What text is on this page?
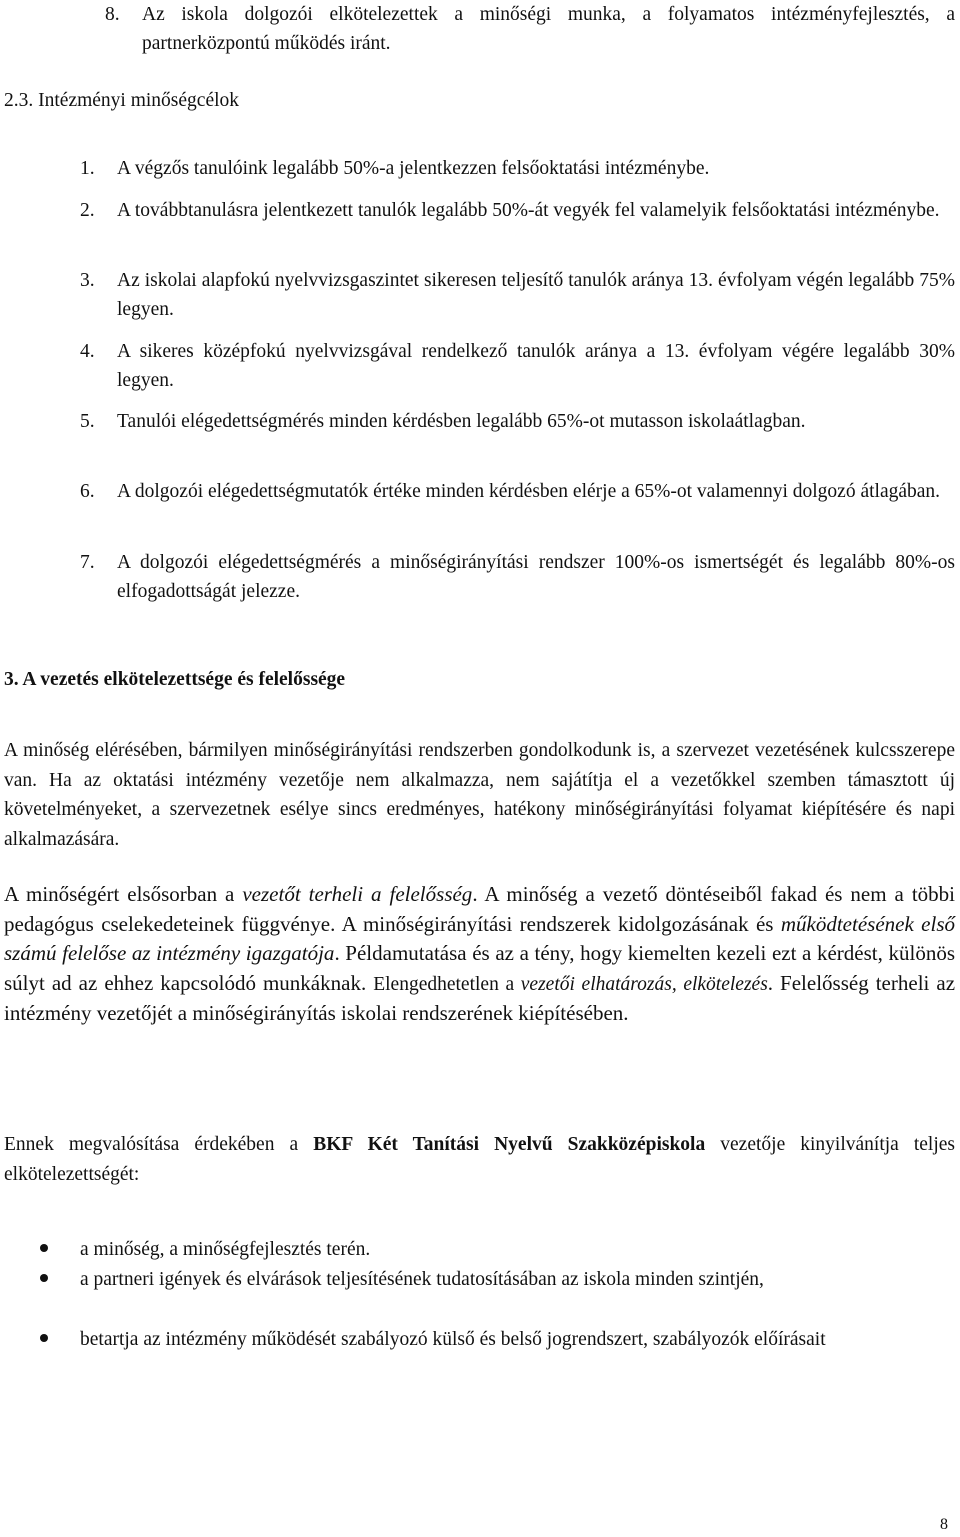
8. Az iskola dolgozói elkötelezettek a minőségi munka, a folyamatos intézményfejlesztés, a partnerközpontú működés iránt.

2.3. Intézményi minőségcélok
1. A végzős tanulóink legalább 50%-a jelentkezzen felsőoktatási intézménybe.

2. A továbbtanulásra jelentkezett tanulók legalább 50%-át vegyék fel valamelyik felsőoktatási intézménybe.

3. Az iskolai alapfokú nyelvvizsgaszintet sikeresen teljesítő tanulók aránya 13. évfolyam végén legalább 75% legyen.

4. A sikeres középfokú nyelvvizsgával rendelkező tanulók aránya a 13. évfolyam végére legalább 30% legyen.

5. Tanulói elégedettségmérés minden kérdésben legalább 65%-ot mutasson iskolaátlagban.

6. A dolgozói elégedettségmutatók értéke minden kérdésben elérje a 65%-ot valamennyi dolgozó átlagában.

7. A dolgozói elégedettségmérés a minőségirányítási rendszer 100%-os ismertségét és legalább 80%-os elfogadottságát jelezze.

3. A vezetés elkötelezettsége és felelőssége

A minőség elérésében, bármilyen minőségirányítási rendszerben gondolkodunk is, a szervezet vezetésének kulcsszerepe van. Ha az oktatási intézmény vezetője nem alkalmazza, nem sajátítja el a vezetőkkel szemben támasztott új követelményeket, a szervezetnek esélye sincs eredményes, hatékony minőségirányítási folyamat kiépítésére és napi alkalmazására.

A minőségért elsősorban a vezetőt terheli a felelősség. A minőség a vezető döntéseiből fakad és nem a többi pedagógus cselekedeteinek függvénye. A minőségirányítási rendszerek kidolgozásának és működtetésének első számú felelőse az intézmény igazgatója. Példamutatása és az a tény, hogy kiemelten kezeli ezt a kérdést, különös súlyt ad az ehhez kapcsolódó munkáknak. Elengedhetetlen a vezetői elhatározás, elkötelezés. Felelősség terheli az intézmény vezetőjét a minőségirányítás iskolai rendszerének kiépítésében.

Ennek megvalósítása érdekében a BKF Két Tanítási Nyelvű Szakközépiskola vezetője kinyilvánítja teljes elkötelezettségét:

a minőség, a minőségfejlesztés terén.

a partneri igények és elvárások teljesítésének tudatosításában az iskola minden szintjén,

betartja az intézmény működését szabályozó külső és belső jogrendszert, szabályozók előírásait

8
